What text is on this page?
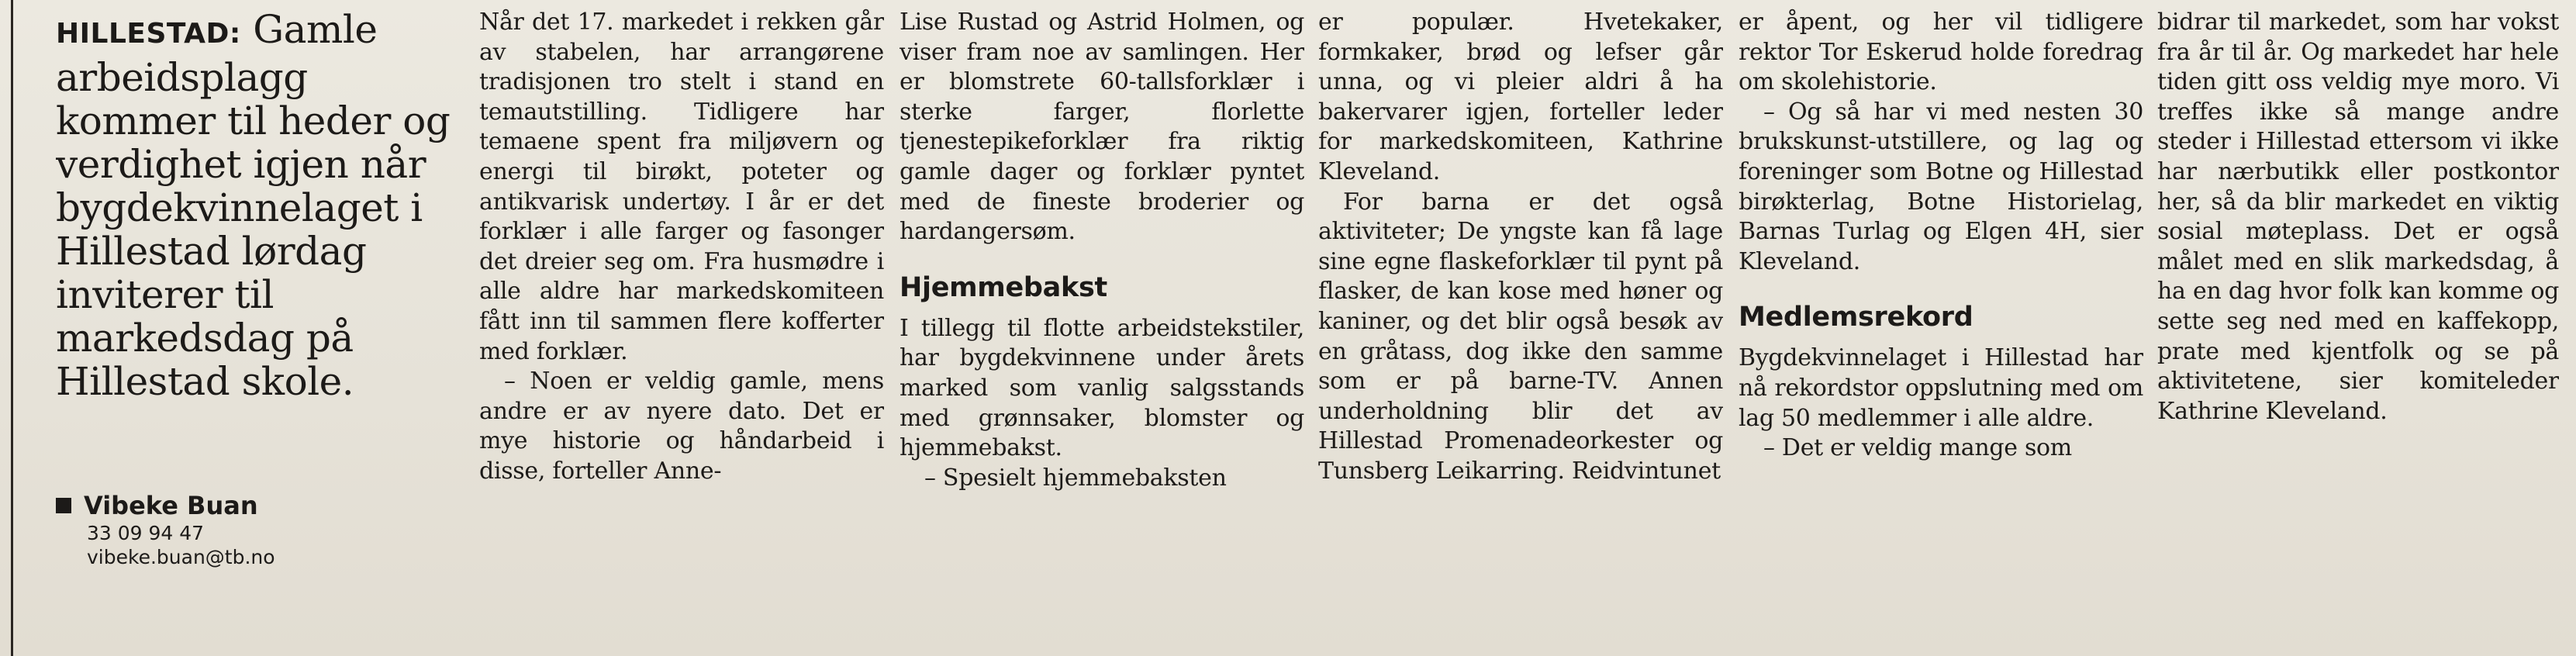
HILLESTAD: Gamle arbeidsplagg kommer til heder og verdighet igjen når bygdekvinnelaget i Hillestad lørdag inviterer til markedsdag på Hillestad skole.
Vibeke Buan
33 09 94 47
vibeke.buan@tb.no

Når det 17. markedet i rekken går av stabelen, har arrangørene tradisjonen tro stelt i stand en temautstilling. Tidligere har temaene spent fra miljøvern og energi til birøkt, poteter og antikvarisk undertøy. I år er det forklær i alle farger og fasonger det dreier seg om. Fra husmødre i alle aldre har markedskomiteen fått inn til sammen flere kofferter med forklær.

– Noen er veldig gamle, mens andre er av nyere dato. Det er mye historie og håndarbeid i disse, forteller Anne-

Lise Rustad og Astrid Holmen, og viser fram noe av samlingen. Her er blomstrete 60-tallsforklær i sterke farger, florlette tjenestepikeforklær fra riktig gamle dager og forklær pyntet med de fineste broderier og hardangersøm.

Hjemmebakst

I tillegg til flotte arbeidstekstiler, har bygdekvinnene under årets marked som vanlig salgsstands med grønnsaker, blomster og hjemmebakst.

– Spesielt hjemmebaksten

er populær. Hvetekaker, formkaker, brød og lefser går unna, og vi pleier aldri å ha bakervarer igjen, forteller leder for markedskomiteen, Kathrine Kleveland.

For barna er det også aktiviteter; De yngste kan få lage sine egne flaskeforklær til pynt på flasker, de kan kose med høner og kaniner, og det blir også besøk av en gråtass, dog ikke den samme som er på barne-TV. Annen underholdning blir det av Hillestad Promenadeorkester og Tunsberg Leikarring. Reidvintunet

er åpent, og her vil tidligere rektor Tor Eskerud holde foredrag om skolehistorie.

– Og så har vi med nesten 30 brukskunst-utstillere, og lag og foreninger som Botne og Hillestad birøkterlag, Botne Historielag, Barnas Turlag og Elgen 4H, sier Kleveland.

Medlemsrekord

Bygdekvinnelaget i Hillestad har nå rekordstor oppslutning med om lag 50 medlemmer i alle aldre.

– Det er veldig mange som

bidrar til markedet, som har vokst fra år til år. Og markedet har hele tiden gitt oss veldig mye moro. Vi treffes ikke så mange andre steder i Hillestad ettersom vi ikke har nærbutikk eller postkontor her, så da blir markedet en viktig sosial møteplass. Det er også målet med en slik markedsdag, å ha en dag hvor folk kan komme og sette seg ned med en kaffekopp, prate med kjentfolk og se på aktivitetene, sier komiteleder Kathrine Kleveland.
